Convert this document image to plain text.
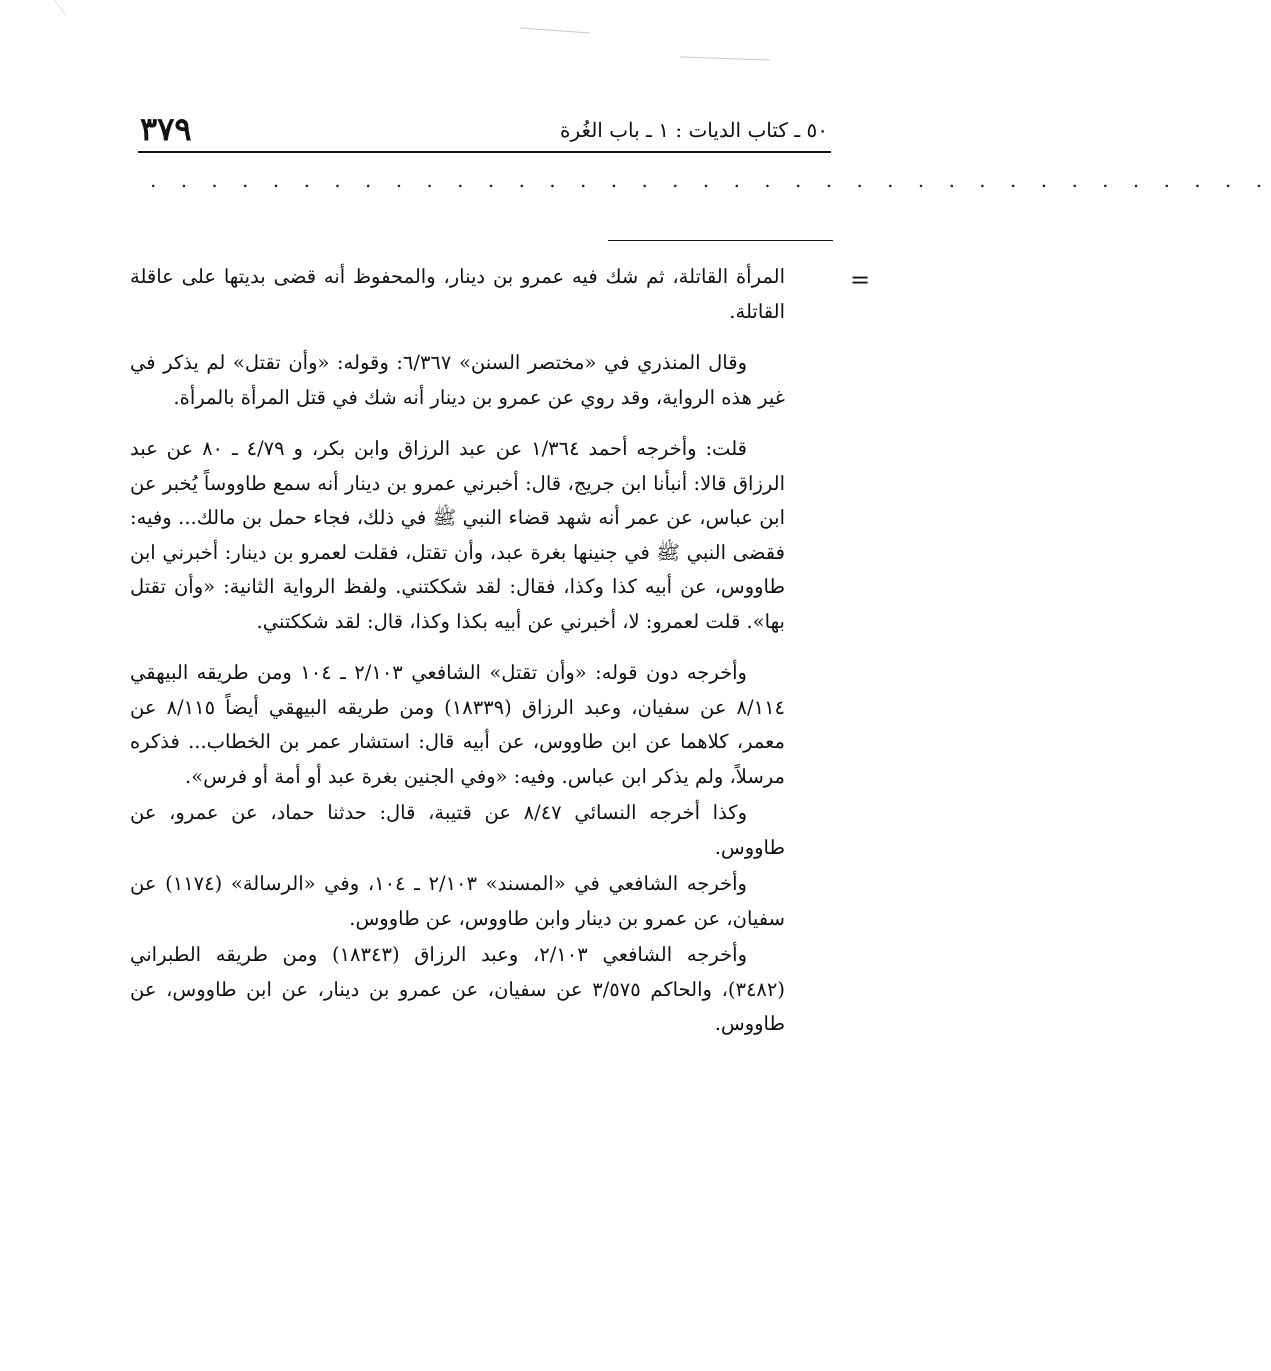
٥٠ ـ كتاب الديات : ١ ـ باب الغُرة
٣٧٩
. . . . . . . . . . . . . . . . . . . . . . . . . . . . . . . . . . . . .
=

المرأة القاتلة، ثم شك فيه عمرو بن دينار، والمحفوظ أنه قضى بديتها على عاقلة القاتلة.

وقال المنذري في «مختصر السنن» ٦/٣٦٧: وقوله: «وأن تقتل» لم يذكر في غير هذه الرواية، وقد روي عن عمرو بن دينار أنه شك في قتل المرأة بالمرأة.

قلت: وأخرجه أحمد ١/٣٦٤ عن عبد الرزاق وابن بكر، و ٤/٧٩ ـ ٨٠ عن عبد الرزاق قالا: أنبأنا ابن جريج، قال: أخبرني عمرو بن دينار أنه سمع طاووساً يُخبر عن ابن عباس، عن عمر أنه شهد قضاء النبي ﷺ في ذلك، فجاء حمل بن مالك... وفيه: فقضى النبي ﷺ في جنينها بغرة عبد، وأن تقتل، فقلت لعمرو بن دينار: أخبرني ابن طاووس، عن أبيه كذا وكذا، فقال: لقد شككتني. ولفظ الرواية الثانية: «وأن تقتل بها». قلت لعمرو: لا، أخبرني عن أبيه بكذا وكذا، قال: لقد شككتني.

وأخرجه دون قوله: «وأن تقتل» الشافعي ٢/١٠٣ ـ ١٠٤ ومن طريقه البيهقي ٨/١١٤ عن سفيان، وعبد الرزاق (١٨٣٣٩) ومن طريقه البيهقي أيضاً ٨/١١٥ عن معمر، كلاهما عن ابن طاووس، عن أبيه قال: استشار عمر بن الخطاب... فذكره مرسلاً، ولم يذكر ابن عباس. وفيه: «وفي الجنين بغرة عبد أو أمة أو فرس».

وكذا أخرجه النسائي ٨/٤٧ عن قتيبة، قال: حدثنا حماد، عن عمرو، عن طاووس.

وأخرجه الشافعي في «المسند» ٢/١٠٣ ـ ١٠٤، وفي «الرسالة» (١١٧٤) عن سفيان، عن عمرو بن دينار وابن طاووس، عن طاووس.

وأخرجه الشافعي ٢/١٠٣، وعبد الرزاق (١٨٣٤٣) ومن طريقه الطبراني (٣٤٨٢)، والحاكم ٣/٥٧٥ عن سفيان، عن عمرو بن دينار، عن ابن طاووس، عن طاووس.
